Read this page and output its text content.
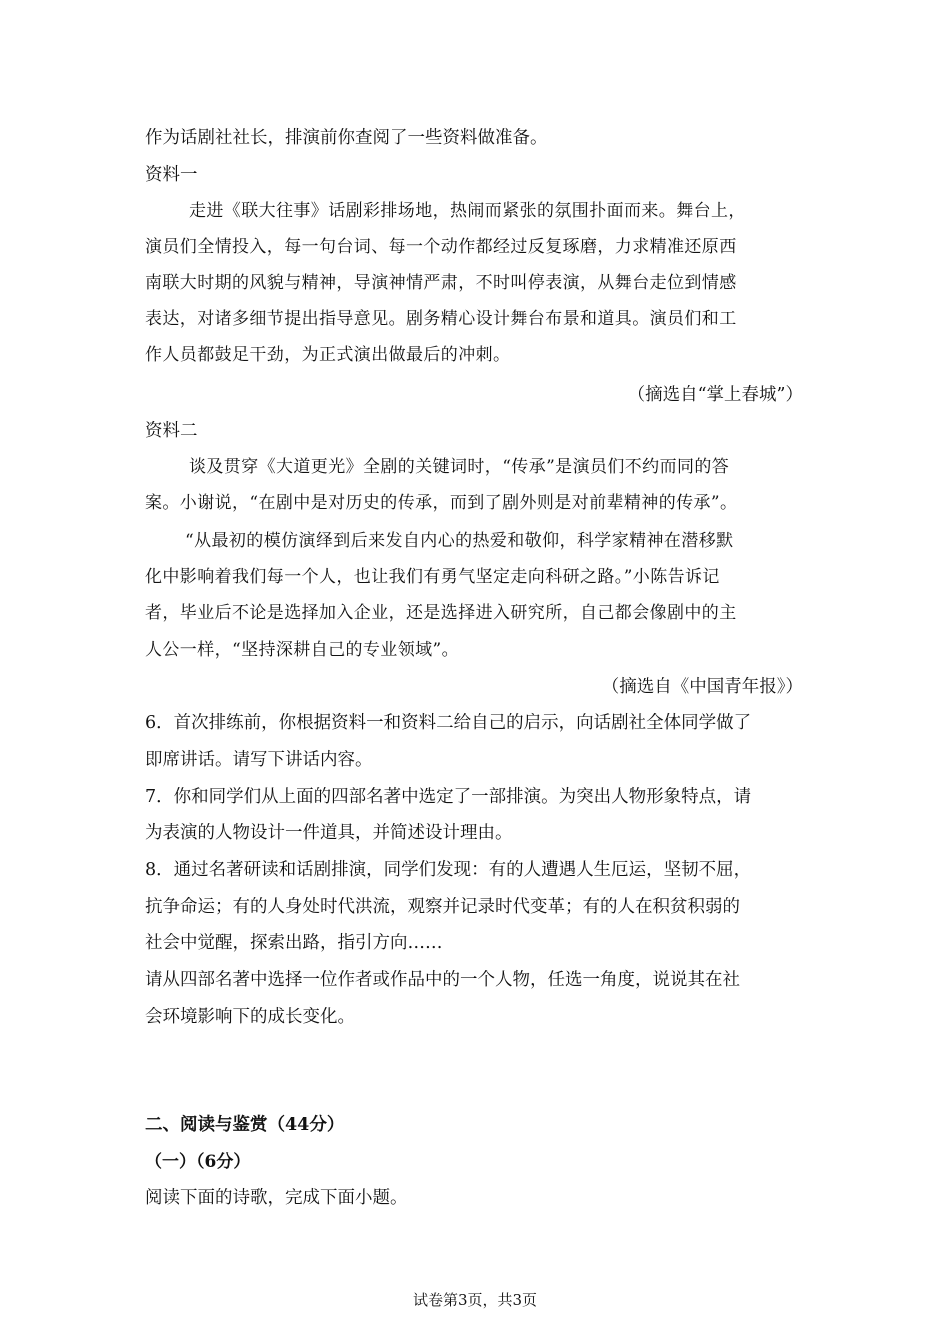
作为话剧社社长，排演前你查阅了一些资料做准备。
资料一
走进《联大往事》话剧彩排场地，热闹而紧张的氛围扑面而来。舞台上，
演员们全情投入，每一句台词、每一个动作都经过反复琢磨，力求精准还原西
南联大时期的风貌与精神，导演神情严肃，不时叫停表演，从舞台走位到情感
表达，对诸多细节提出指导意见。剧务精心设计舞台布景和道具。演员们和工
作人员都鼓足干劲，为正式演出做最后的冲刺。
（摘选自“掌上春城”）
资料二
谈及贯穿《大道更光》全剧的关键词时，“传承”是演员们不约而同的答
案。小谢说，“在剧中是对历史的传承，而到了剧外则是对前辈精神的传承”。
“从最初的模仿演绎到后来发自内心的热爱和敬仰，科学家精神在潜移默
化中影响着我们每一个人，也让我们有勇气坚定走向科研之路。”小陈告诉记
者，毕业后不论是选择加入企业，还是选择进入研究所，自己都会像剧中的主
人公一样，“坚持深耕自己的专业领域”。
（摘选自《中国青年报》）
6．首次排练前，你根据资料一和资料二给自己的启示，向话剧社全体同学做了
即席讲话。请写下讲话内容。
7．你和同学们从上面的四部名著中选定了一部排演。为突出人物形象特点，请
为表演的人物设计一件道具，并简述设计理由。
8．通过名著研读和话剧排演，同学们发现：有的人遭遇人生厄运，坚韧不屈，
抗争命运；有的人身处时代洪流，观察并记录时代变革；有的人在积贫积弱的
社会中觉醒，探索出路，指引方向……
请从四部名著中选择一位作者或作品中的一个人物，任选一角度，说说其在社
会环境影响下的成长变化。
二、阅读与鉴赏（44分）
（一）（6分）
阅读下面的诗歌，完成下面小题。
试卷第3页，共3页
